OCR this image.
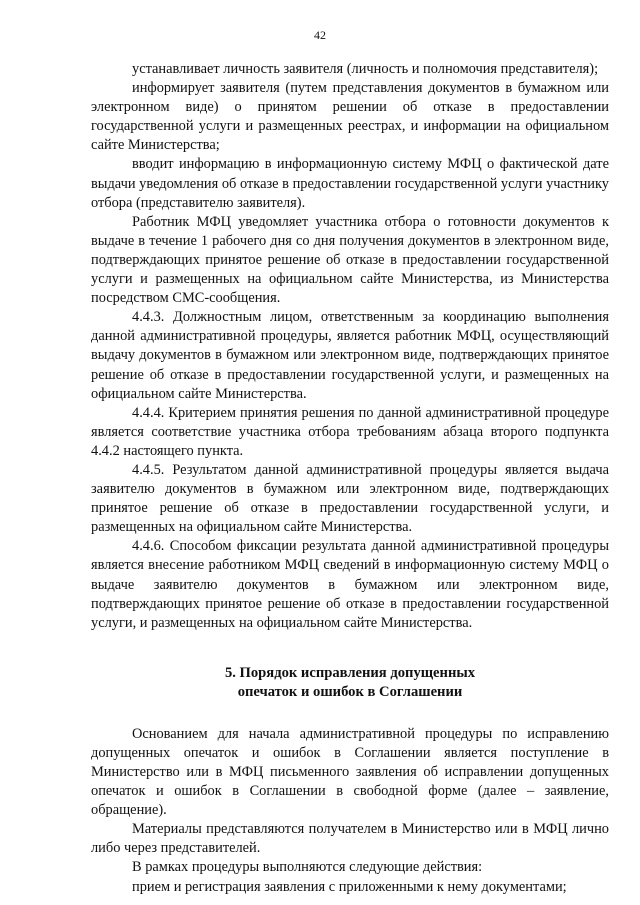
42

устанавливает личность заявителя (личность и полномочия представителя);

информирует заявителя (путем представления документов в бумажном или электронном виде) о принятом решении об отказе в предоставлении государственной услуги и размещенных реестрах, и информации на официальном сайте Министерства;

вводит информацию в информационную систему МФЦ о фактической дате выдачи уведомления об отказе в предоставлении государственной услуги участнику отбора (представителю заявителя).

Работник МФЦ уведомляет участника отбора о готовности документов к выдаче в течение 1 рабочего дня со дня получения документов в электронном виде, подтверждающих принятое решение об отказе в предоставлении государственной услуги и размещенных на официальном сайте Министерства, из Министерства посредством СМС-сообщения.

4.4.3. Должностным лицом, ответственным за координацию выполнения данной административной процедуры, является работник МФЦ, осуществляющий выдачу документов в бумажном или электронном виде, подтверждающих принятое решение об отказе в предоставлении государственной услуги, и размещенных на официальном сайте Министерства.

4.4.4. Критерием принятия решения по данной административной процедуре является соответствие участника отбора требованиям абзаца второго подпункта 4.4.2 настоящего пункта.

4.4.5. Результатом данной административной процедуры является выдача заявителю документов в бумажном или электронном виде, подтверждающих принятое решение об отказе в предоставлении государственной услуги, и размещенных на официальном сайте Министерства.

4.4.6. Способом фиксации результата данной административной процедуры является внесение работником МФЦ сведений в информационную систему МФЦ о выдаче заявителю документов в бумажном или электронном виде, подтверждающих принятое решение об отказе в предоставлении государственной услуги, и размещенных на официальном сайте Министерства.

5. Порядок исправления допущенных

опечаток и ошибок в Соглашении

Основанием для начала административной процедуры по исправлению допущенных опечаток и ошибок в Соглашении является поступление в Министерство или в МФЦ письменного заявления об исправлении допущенных опечаток и ошибок в Соглашении в свободной форме (далее – заявление, обращение).

Материалы представляются получателем в Министерство или в МФЦ лично либо через представителей.

В рамках процедуры выполняются следующие действия:

прием и регистрация заявления с приложенными к нему документами;
